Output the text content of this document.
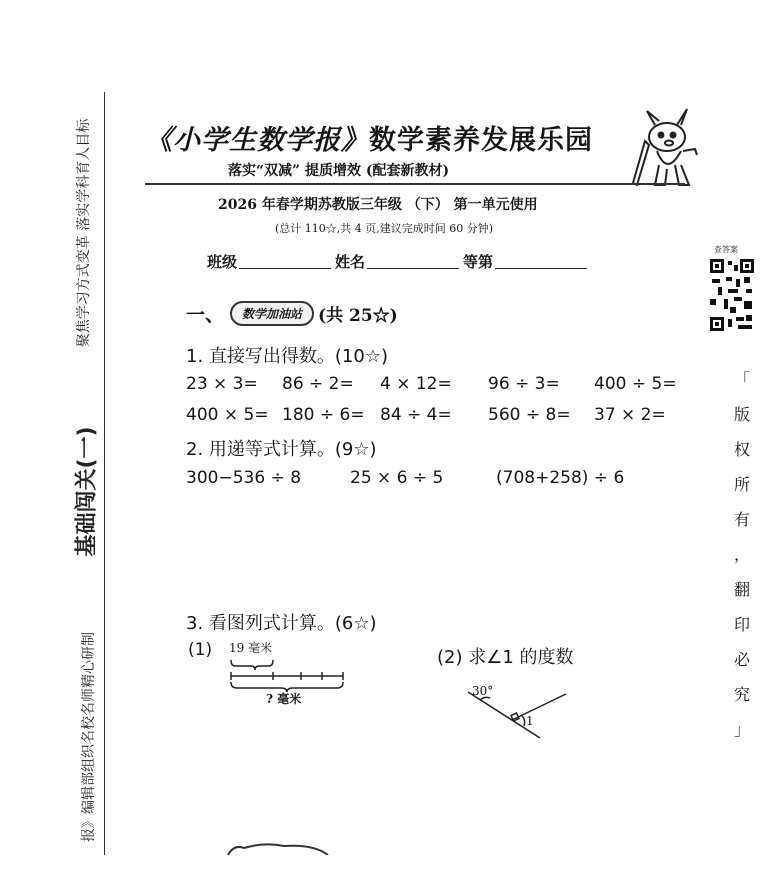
聚焦学习方式变革 落实学科育人目标
基础闯关(一)
报》编辑部组织名校名师精心研制
《小学生数学报》数学素养发展乐园
落实“双减” 提质增效 (配套新教材)
2026 年春学期苏教版三年级 （下） 第一单元使用
(总计 110☆,共 4 页,建议完成时间 60 分钟)
班级	姓名	等第
查答案
「
版
权
所
有
，
翻
印
必
究
」
一、	数学加油站 (共 25☆)
1. 直接写出得数。(10☆)
23 × 3= 86 ÷ 2= 4 × 12= 96 ÷ 3= 400 ÷ 5=
400 × 5= 180 ÷ 6= 84 ÷ 4= 560 ÷ 8= 37 × 2=
2. 用递等式计算。(9☆)
300−536 ÷ 8	25 × 6 ÷ 5	(708+258) ÷ 6
3. 看图列式计算。(6☆)
(1) 19 毫米
? 毫米
(2) 求∠1 的度数
30°
1
